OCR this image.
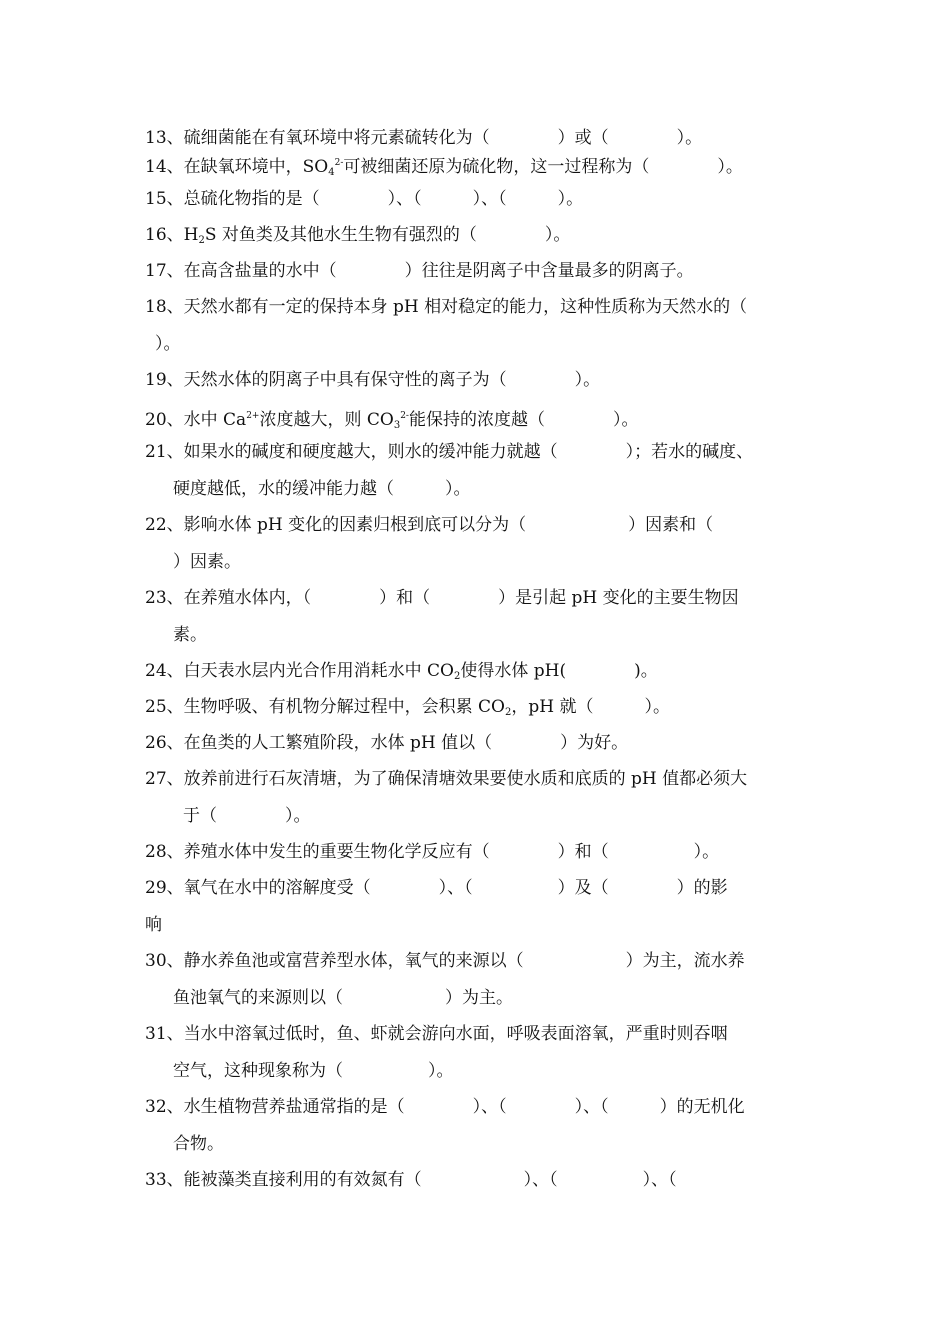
13、硫细菌能在有氧环境中将元素硫转化为（　　　　）或（　　　　）。
14、在缺氧环境中，$SO_4^{2-}$可被细菌还原为硫化物，这一过程称为（　　　　）。
15、总硫化物指的是（　　　　）、（　　　）、（　　　）。
16、$H_2S$ 对鱼类及其他水生生物有强烈的（　　　　）。
17、在高含盐量的水中（　　　　）往往是阴离子中含量最多的阴离子。
18、天然水都有一定的保持本身 pH 相对稳定的能力，这种性质称为天然水的（
）。
19、天然水体的阴离子中具有保守性的离子为（　　　　）。
20、水中 $Ca^{2+}$浓度越大，则 $CO_3^{2-}$能保持的浓度越（　　　　）。
21、如果水的碱度和硬度越大，则水的缓冲能力就越（　　　　）；若水的碱度、
硬度越低，水的缓冲能力越（　　　）。
22、影响水体 pH 变化的因素归根到底可以分为（　　　　　　）因素和（
）因素。
23、在养殖水体内，（　　　　）和（　　　　）是引起 pH 变化的主要生物因
素。
24、白天表水层内光合作用消耗水中 $CO_2$使得水体 pH(　　　　)。
25、生物呼吸、有机物分解过程中，会积累 $CO_2$，pH 就（　　　）。
26、在鱼类的人工繁殖阶段，水体 pH 值以（　　　　）为好。
27、放养前进行石灰清塘，为了确保清塘效果要使水质和底质的 pH 值都必须大
于（　　　　）。
28、养殖水体中发生的重要生物化学反应有（　　　　）和（　　　　　）。
29、氧气在水中的溶解度受（　　　　）、（　　　　　）及（　　　　）的影
响
30、静水养鱼池或富营养型水体，氧气的来源以（　　　　　　）为主，流水养
鱼池氧气的来源则以（　　　　　　）为主。
31、当水中溶氧过低时，鱼、虾就会游向水面，呼吸表面溶氧，严重时则吞咽
空气，这种现象称为（　　　　　）。
32、水生植物营养盐通常指的是（　　　　）、（　　　　）、（　　　）的无机化
合物。
33、能被藻类直接利用的有效氮有（　　　　　　）、（　　　　　）、（
